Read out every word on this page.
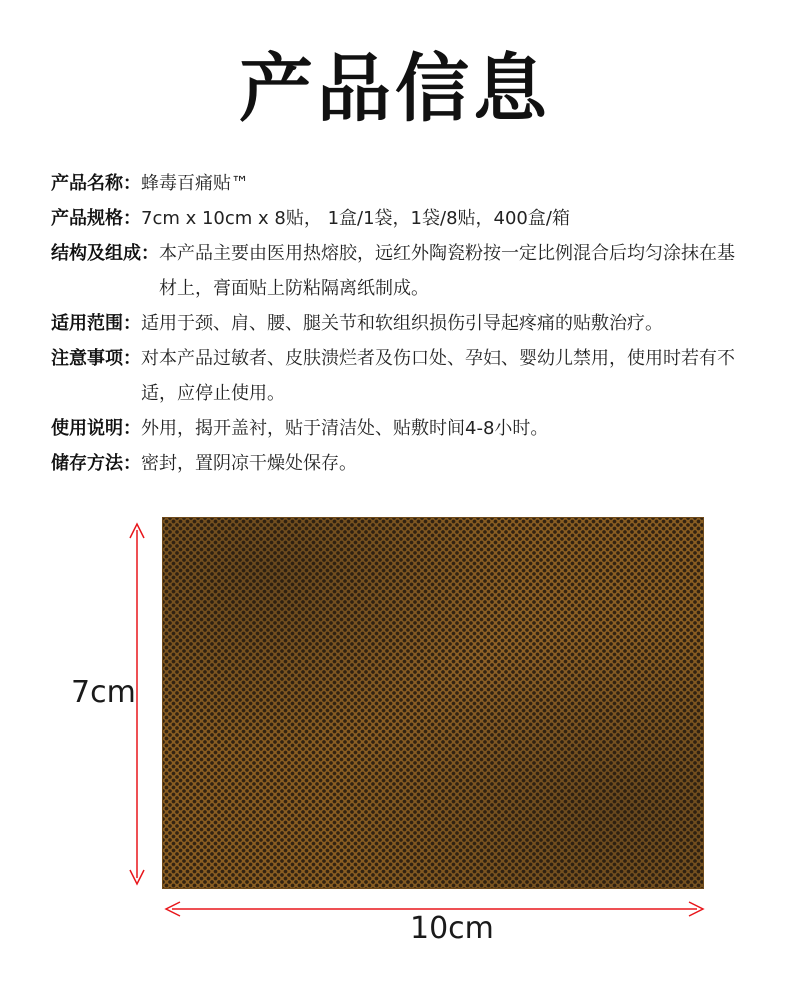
产品信息
产品名称： 蜂毒百痛贴™
产品规格： 7cm x 10cm x 8贴， 1盒/1袋，1袋/8贴，400盒/箱
结构及组成： 本产品主要由医用热熔胶，远红外陶瓷粉按一定比例混合后均匀涂抹在基材上，膏面贴上防粘隔离纸制成。
适用范围： 适用于颈、肩、腰、腿关节和软组织损伤引导起疼痛的贴敷治疗。
注意事项： 对本产品过敏者、皮肤溃烂者及伤口处、孕妇、婴幼儿禁用，使用时若有不适，应停止使用。
使用说明： 外用，揭开盖衬，贴于清洁处、贴敷时间4-8小时。
储存方法： 密封，置阴凉干燥处保存。
7cm
10cm
